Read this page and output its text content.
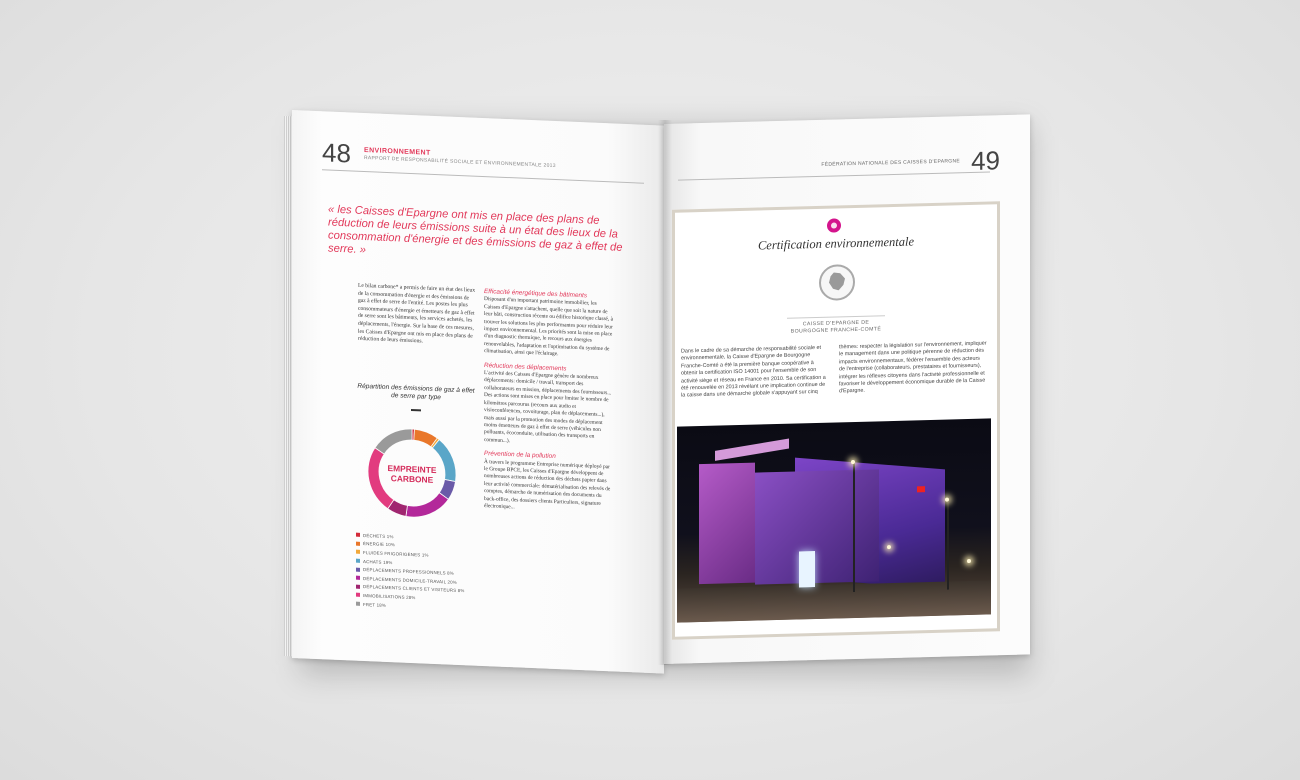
48 ENVIRONNEMENT
RAPPORT DE RESPONSABILITÉ SOCIALE ET ENVIRONNEMENTALE 2013
« les Caisses d'Epargne ont mis en place des plans de réduction de leurs émissions suite à un état des lieux de la consommation d'énergie et des émissions de gaz à effet de serre. »
Le bilan carbone* a permis de faire un état des lieux de la consommation d'énergie et des émissions de gaz à effet de serre de l'entité. Les postes les plus consommateurs d'énergie et émetteurs de gaz à effet de serre sont les bâtiments, les services achetés, les déplacements, l'énergie. Sur la base de ces mesures, les Caisses d'Epargne ont mis en place des plans de réduction de leurs émissions.
Efficacité énergétique des bâtiments

Disposant d'un important patrimoine immobilier, les Caisses d'Epargne s'attachent, quelle que soit la nature de leur bâti, construction récente ou édifice historique classé, à trouver les solutions les plus performantes pour réduire leur impact environnemental. Les priorités sont la mise en place d'un diagnostic thermique, le recours aux énergies renouvelables, l'adaptation et l'optimisation du système de climatisation, ainsi que l'éclairage.

Réduction des déplacements

L'activité des Caisses d'Epargne génère de nombreux déplacements: domicile / travail, transport des collaborateurs en mission, déplacements des fournisseurs... Des actions sont mises en place pour limiter le nombre de kilomètres parcourus (recours aux audio et visioconférences, covoiturage, plan de déplacements...), mais aussi par la promotion des modes de déplacement moins émetteurs de gaz à effet de serre (véhicules non polluants, écoconduite, utilisation des transports en commun...).

Prévention de la pollution

À travers le programme Entreprise numérique déployé par le Groupe BPCE, les Caisses d'Epargne développent de nombreuses actions de réduction des déchets papier dans leur activité commerciale: dématérialisation des relevés de comptes, démarche de numérisation des documents du back-office, des dossiers clients Particuliers, signature électronique...

Répartition des émissions de gaz à effet de serre par type
EMPREINTE
CARBONE
DÉCHETS 1%
ÉNERGIE 10%
FLUIDES FRIGORIGÈNES 1%
ACHATS 19%
DÉPLACEMENTS PROFESSIONNELS 8%
DÉPLACEMENTS DOMICILE-TRAVAIL 20%
DÉPLACEMENTS CLIENTS ET VISITEURS 8%
IMMOBILISATIONS 28%
FRET 18%
FÉDÉRATION NATIONALE DES CAISSES D'EPARGNE 49
Certification environnementale
CAISSE D'EPARGNE DE
BOURGOGNE FRANCHE-COMTÉ
Dans le cadre de sa démarche de responsabilité sociale et environnementale, la Caisse d'Epargne de Bourgogne Franche-Comté a été la première banque coopérative à obtenir la certification ISO 14001 pour l'ensemble de son activité siège et réseau en France en 2010. Sa certification a été renouvelée en 2013 révélant une implication continue de la caisse dans une démarche globale s'appuyant sur cinq
thèmes: respecter la législation sur l'environnement, impliquer le management dans une politique pérenne de réduction des impacts environnementaux, fédérer l'ensemble des acteurs de l'entreprise (collaborateurs, prestataires et fournisseurs), intégrer les réflexes citoyens dans l'activité professionnelle et favoriser le développement économique durable de la Caisse d'Epargne.
